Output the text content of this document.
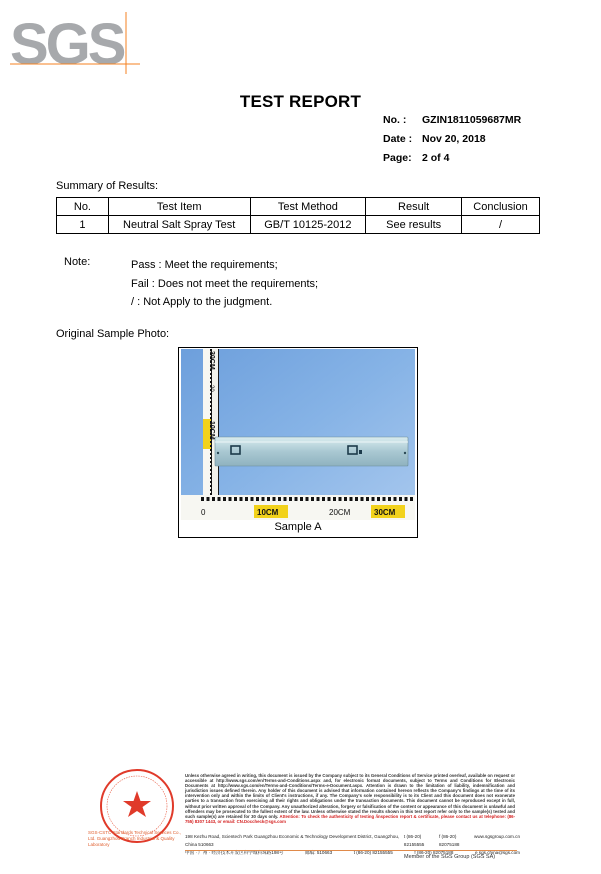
SGS
TEST REPORT
No. :	GZIN1811059687MR
Date : Nov 20, 2018
Page: 2 of 4
Summary of Results:
No.	Test Item	Test Method	Result	Conclusion
1	Neutral Salt Spray Test	GB/T 10125-2012	See results	/
Note:	Pass : Meet the requirements;
Fail : Does not meet the requirements;
/ : Not Apply to the judgment.
Original Sample Photo:
30CM
20
10CM
0	10CM	20CM	30CM
Sample A
SGS-CSTC Standards Technical Services Co., Ltd. Guangzhou Branch Industrial & Quality Laboratory
Unless otherwise agreed in writing, this document is issued by the Company subject to its General Conditions of Service printed overleaf, available on request or accessible at http://www.sgs.com/en/Terms-and-Conditions.aspx and, for electronic format documents, subject to Terms and Conditions for Electronic Documents at http://www.sgs.com/en/Terms-and-Conditions/Terms-e-Document.aspx. Attention is drawn to the limitation of liability, indemnification and jurisdiction issues defined therein. Any holder of this document is advised that information contained hereon reflects the Company's findings at the time of its intervention only and within the limits of Client's instructions, if any. The Company's sole responsibility is to its Client and this document does not exonerate parties to a transaction from exercising all their rights and obligations under the transaction documents. This document cannot be reproduced except in full, without prior written approval of the Company. Any unauthorized alteration, forgery or falsification of the content or appearance of this document is unlawful and offenders may be prosecuted to the fullest extent of the law. Unless otherwise stated the results shown in this test report refer only to the sample(s) tested and such sample(s) are retained for 30 days only. Attention: To check the authenticity of testing /inspection report & certificate, please contact us at telephone: (86-755) 8307 1443, or email: CN.Doccheck@sgs.com
198 Kezhu Road, Scientech Park Guangzhou Economic & Technology Development District, Guangzhou, China 510663
t (86-20) 82155555
f (86-20) 82075188
www.sgsgroup.com.cn
中国 · 广州 · 经济技术开发区科学城科珠路198号	邮编: 510663	t (86-20) 82155555	f (86-20) 82075188	e sgs.china@sgs.com
Member of the SGS Group (SGS SA)
